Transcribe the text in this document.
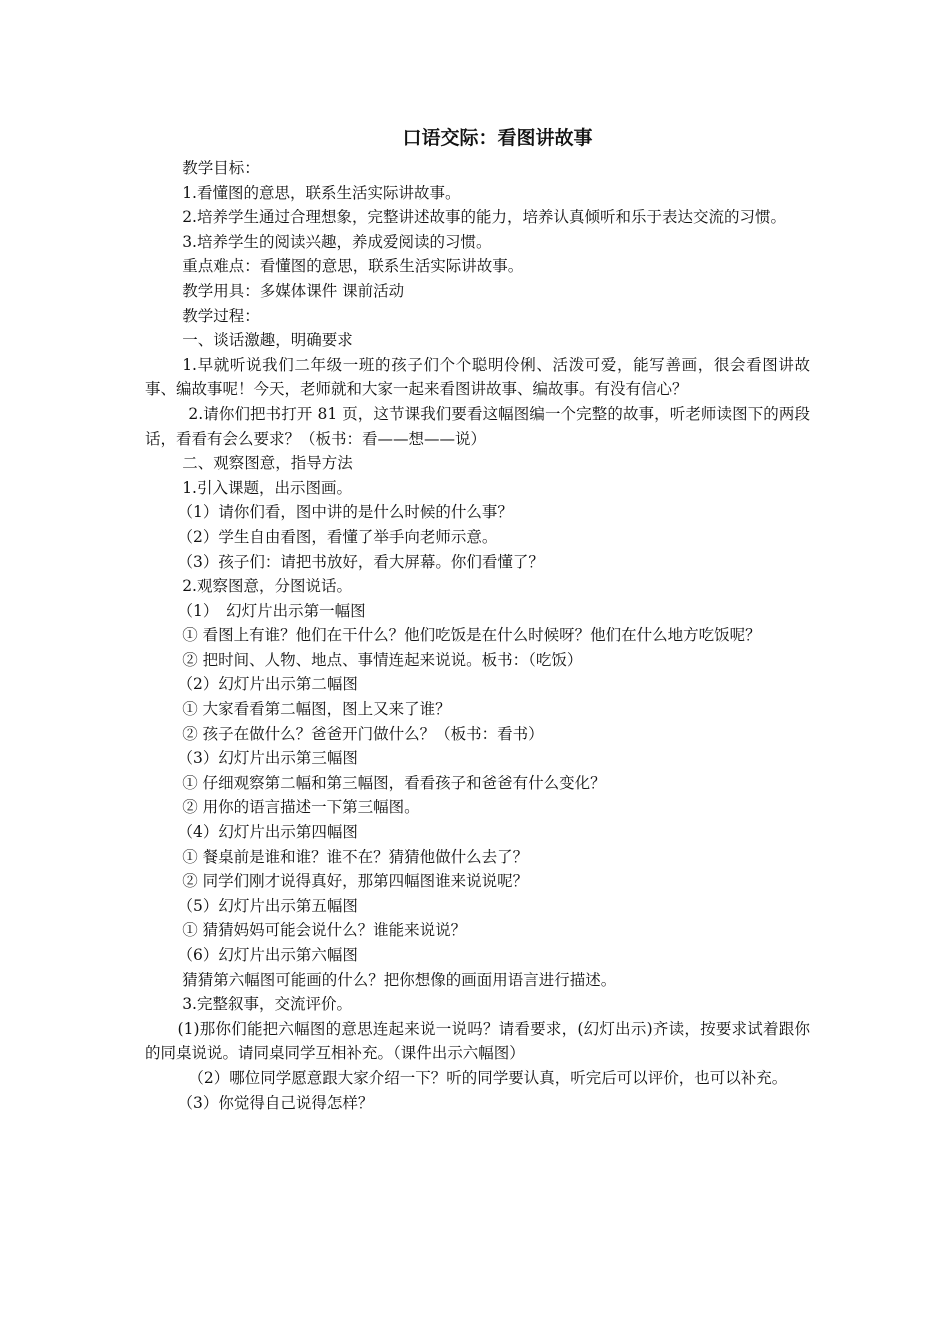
口语交际：看图讲故事

教学目标：

1.看懂图的意思，联系生活实际讲故事。

2.培养学生通过合理想象，完整讲述故事的能力，培养认真倾听和乐于表达交流的习惯。

3.培养学生的阅读兴趣，养成爱阅读的习惯。

重点难点：看懂图的意思，联系生活实际讲故事。

教学用具：多媒体课件 课前活动

教学过程：

一、谈话激趣，明确要求

1.早就听说我们二年级一班的孩子们个个聪明伶俐、活泼可爱，能写善画，很会看图讲故事、编故事呢！今天，老师就和大家一起来看图讲故事、编故事。有没有信心？

2.请你们把书打开 81 页，这节课我们要看这幅图编一个完整的故事，听老师读图下的两段话，看看有会么要求？（板书：看——想——说）

二、观察图意，指导方法

1.引入课题，出示图画。

（1）请你们看，图中讲的是什么时候的什么事？

（2）学生自由看图，看懂了举手向老师示意。

（3）孩子们：请把书放好，看大屏幕。你们看懂了？

2.观察图意，分图说话。

（1）　幻灯片出示第一幅图

① 看图上有谁？他们在干什么？他们吃饭是在什么时候呀？他们在什么地方吃饭呢？

② 把时间、人物、地点、事情连起来说说。板书：（吃饭）

（2）幻灯片出示第二幅图

① 大家看看第二幅图，图上又来了谁？

② 孩子在做什么？爸爸开门做什么？（板书：看书）

（3）幻灯片出示第三幅图

① 仔细观察第二幅和第三幅图，看看孩子和爸爸有什么变化？

② 用你的语言描述一下第三幅图。

（4）幻灯片出示第四幅图

① 餐桌前是谁和谁？谁不在？猜猜他做什么去了？

② 同学们刚才说得真好，那第四幅图谁来说说呢？

（5）幻灯片出示第五幅图

① 猜猜妈妈可能会说什么？谁能来说说？

（6）幻灯片出示第六幅图

猜猜第六幅图可能画的什么？把你想像的画面用语言进行描述。

3.完整叙事，交流评价。

(1)那你们能把六幅图的意思连起来说一说吗？请看要求，(幻灯出示)齐读，按要求试着跟你的同桌说说。请同桌同学互相补充。（课件出示六幅图）

（2）哪位同学愿意跟大家介绍一下？听的同学要认真，听完后可以评价，也可以补充。

（3）你觉得自己说得怎样？
